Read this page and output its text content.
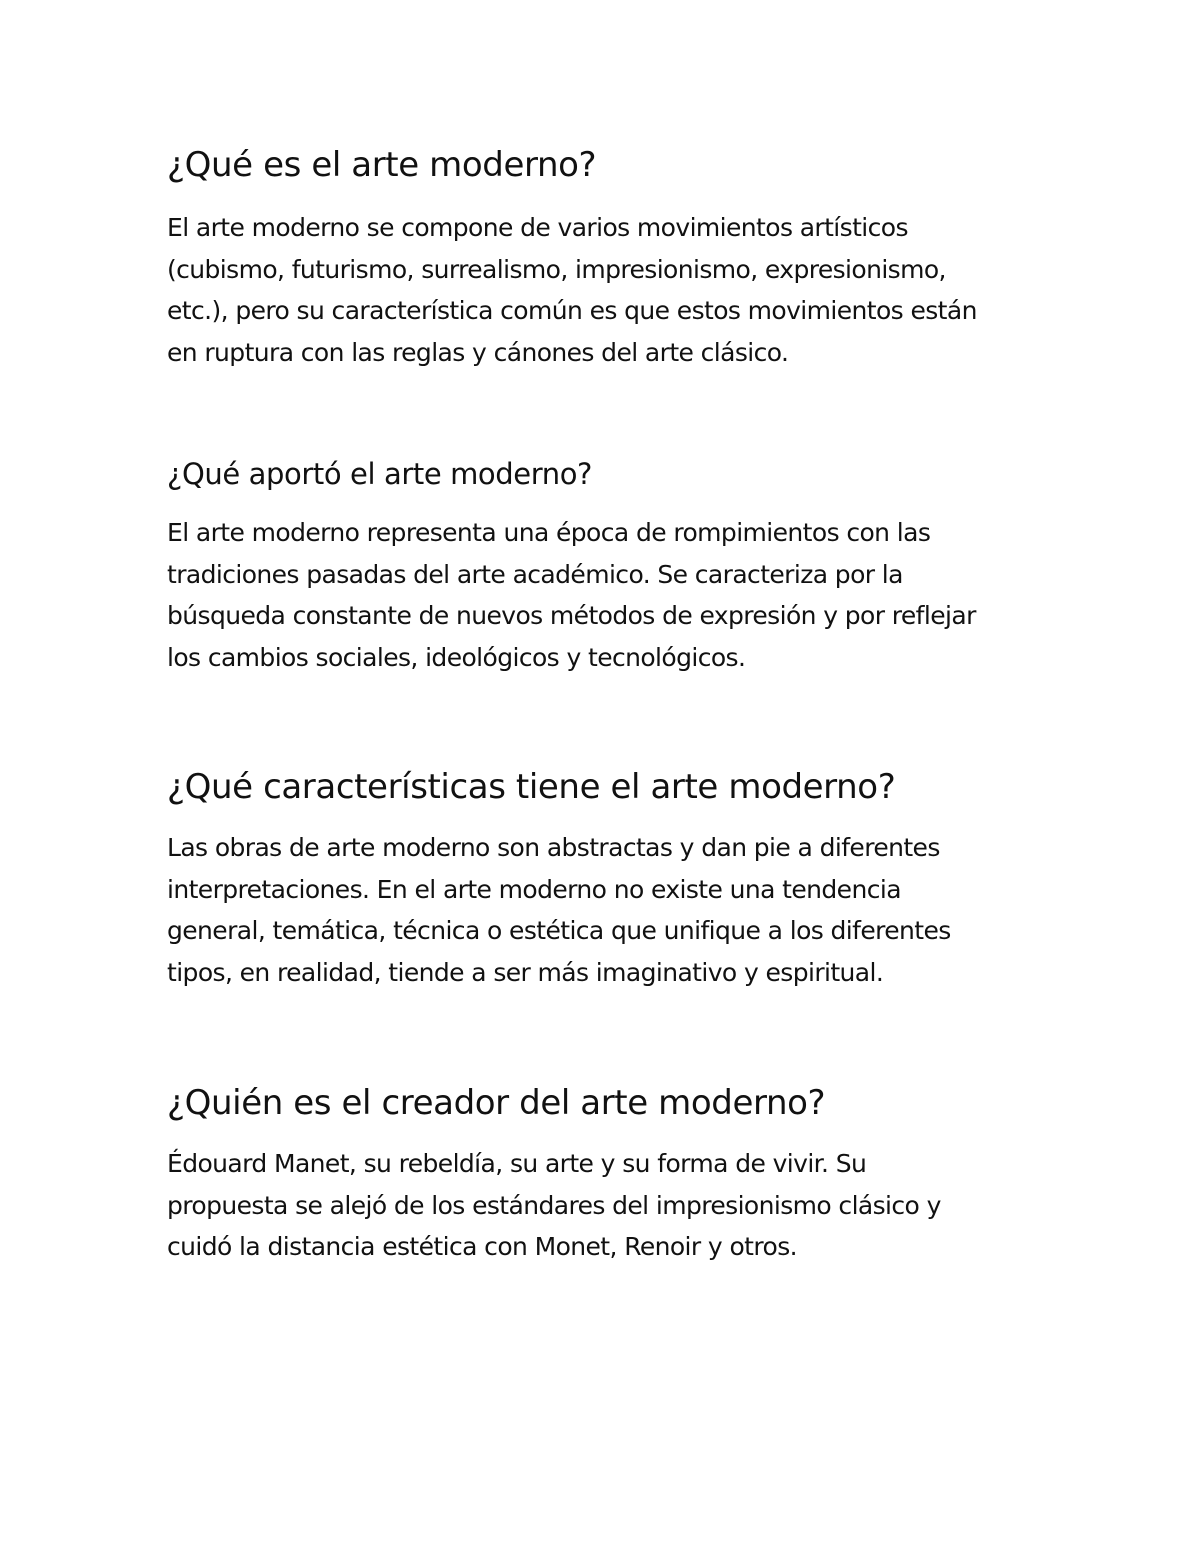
¿Qué es el arte moderno?

El arte moderno se compone de varios movimientos artísticos
(cubismo, futurismo, surrealismo, impresionismo, expresionismo,
etc.), pero su característica común es que estos movimientos están
en ruptura con las reglas y cánones del arte clásico.

¿Qué aportó el arte moderno?

El arte moderno representa una época de rompimientos con las
tradiciones pasadas del arte académico. Se caracteriza por la
búsqueda constante de nuevos métodos de expresión y por reflejar
los cambios sociales, ideológicos y tecnológicos.

¿Qué características tiene el arte moderno?

Las obras de arte moderno son abstractas y dan pie a diferentes
interpretaciones. En el arte moderno no existe una tendencia
general, temática, técnica o estética que unifique a los diferentes
tipos, en realidad, tiende a ser más imaginativo y espiritual.

¿Quién es el creador del arte moderno?

Édouard Manet, su rebeldía, su arte y su forma de vivir. Su
propuesta se alejó de los estándares del impresionismo clásico y
cuidó la distancia estética con Monet, Renoir y otros.
